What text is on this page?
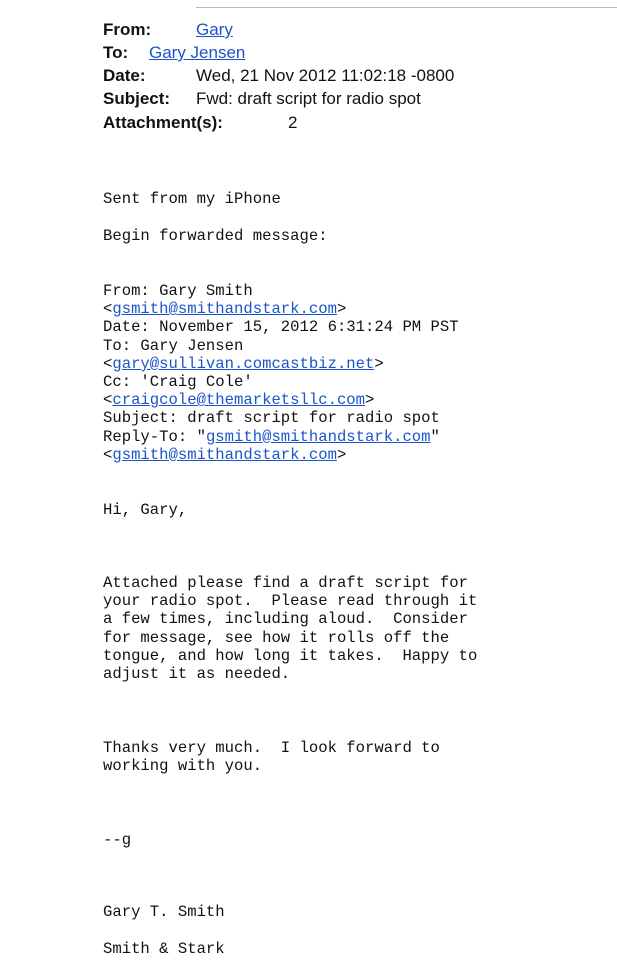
From:	Gary
To: Gary Jensen
Date:	Wed, 21 Nov 2012 11:02:18 -0800
Subject: Fwd: draft script for radio spot
Attachment(s):	2
Sent from my iPhone
Begin forwarded message:
From: Gary Smith
<gsmith@smithandstark.com>
Date: November 15, 2012 6:31:24 PM PST
To: Gary Jensen
<gary@sullivan.comcastbiz.net>
Cc: 'Craig Cole'
<craigcole@themarketsllc.com>
Subject: draft script for radio spot
Reply-To: "gsmith@smithandstark.com"
<gsmith@smithandstark.com>
Hi, Gary,
Attached please find a draft script for
your radio spot.  Please read through it
a few times, including aloud.  Consider
for message, see how it rolls off the
tongue, and how long it takes.  Happy to
adjust it as needed.
Thanks very much.  I look forward to
working with you.
--g
Gary T. Smith
Smith & Stark
